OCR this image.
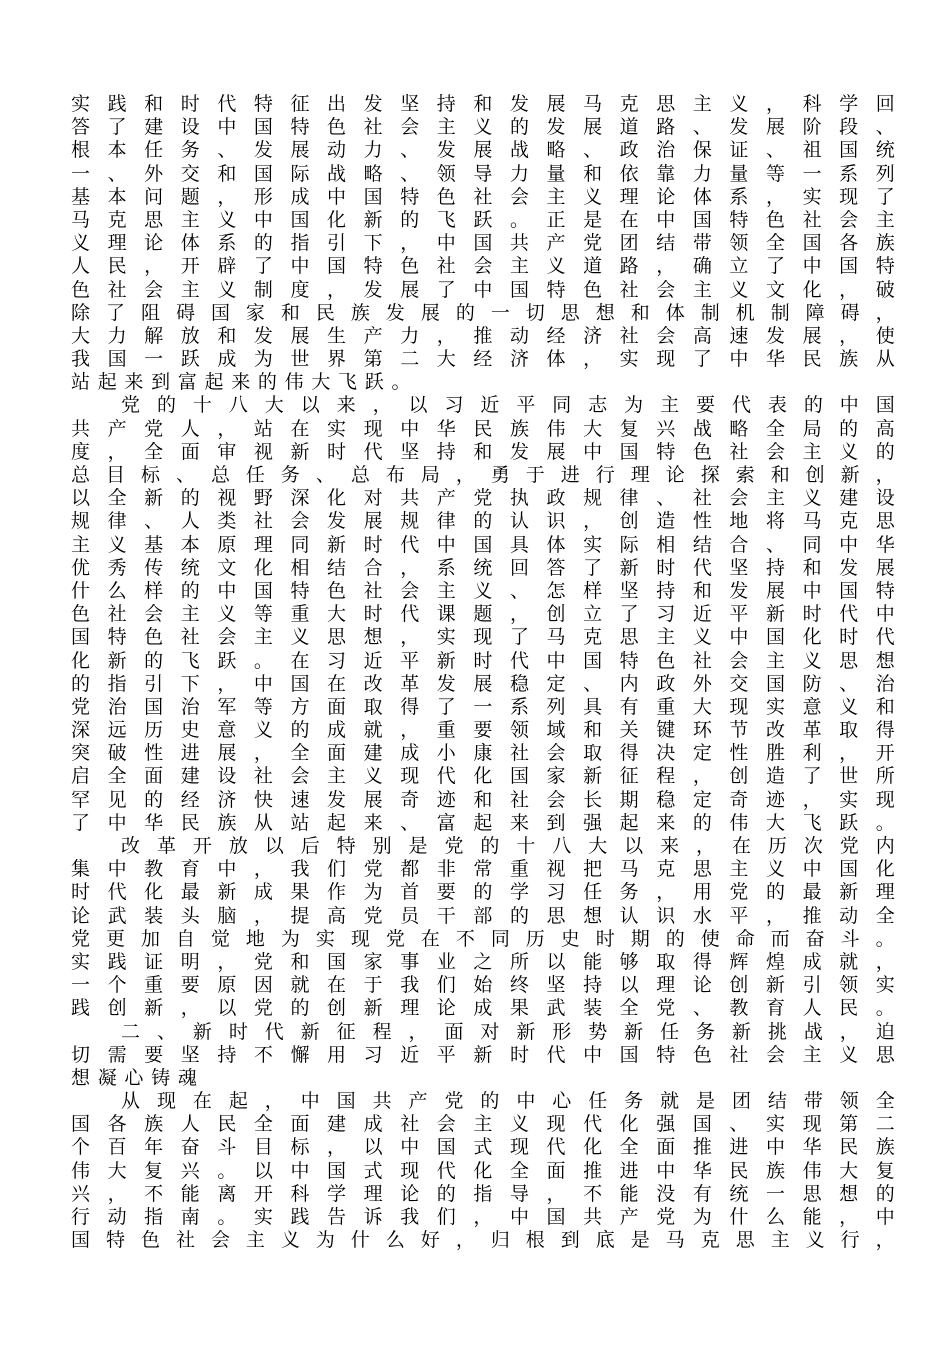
实 践 和 时 代 特 征 出 发 坚 持 和 发 展 马 克 思 主 义 ， 科 学 回
答 了 建 设 中 国 特 色 社 会 主 义 的 发 展 道 路 、 发 展 阶 段 、
根 本 任 务 、 发 展 动 力 、 发 展 战 略 、 政 治 保 证 、 祖 国 统
一 、 外 交 和 国 际 战 略 、 领 导 力 量 和 依 靠 力 量 等 一 系 列
基 本 问 题 ， 形 成 中 国 特 色 社 会 主 义 理 论 体 系 ， 实 现 了
马 克 思 主 义 中 国 化 新 的 飞 跃 。 正 是 在 中 国 特 色 社 会 主
义 理 论 体 系 的 指 引 下 ， 中 国 共 产 党 团 结 带 领 全 国 各 族
人 民 ， 开 辟 了 中 国 特 色 社 会 主 义 道 路 ， 确 立 了 中 国 特
色 社 会 主 义 制 度 ， 发 展 了 中 国 特 色 社 会 主 义 文 化 ， 破
除 了 阻 碍 国 家 和 民 族 发 展 的 一 切 思 想 和 体 制 机 制 障 碍 ，
大 力 解 放 和 发 展 生 产 力 ， 推 动 经 济 社 会 高 速 发 展 ， 使
我 国 一 跃 成 为 世 界 第 二 大 经 济 体 ， 实 现 了 中 华 民 族 从
站 起 来 到 富 起 来 的 伟 大 飞 跃 。
党 的 十 八 大 以 来 ， 以 习 近 平 同 志 为 主 要 代 表 的 中 国
共 产 党 人 ， 站 在 实 现 中 华 民 族 伟 大 复 兴 战 略 全 局 的 高
度 ， 全 面 审 视 新 时 代 坚 持 和 发 展 中 国 特 色 社 会 主 义 的
总 目 标 、 总 任 务 、 总 布 局 ， 勇 于 进 行 理 论 探 索 和 创 新 ，
以 全 新 的 视 野 深 化 对 共 产 党 执 政 规 律 、 社 会 主 义 建 设
规 律 、 人 类 社 会 发 展 规 律 的 认 识 ， 创 造 性 地 将 马 克 思
主 义 基 本 原 理 同 新 时 代 中 国 具 体 实 际 相 结 合 、 同 中 华
优 秀 传 统 文 化 相 结 合 ， 系 统 回 答 了 新 时 代 坚 持 和 发 展
什 么 样 的 中 国 特 色 社 会 主 义 、 怎 样 坚 持 和 发 展 中 国 特
色 社 会 主 义 等 重 大 时 代 课 题 ， 创 立 了 习 近 平 新 时 代 中
国 特 色 社 会 主 义 思 想 ， 实 现 了 马 克 思 主 义 中 国 化 时 代
化 新 的 飞 跃 。 在 习 近 平 新 时 代 中 国 特 色 社 会 主 义 思 想
的 指 引 下 ， 中 国 在 改 革 发 展 稳 定 、 内 政 外 交 国 防 、 治
党 治 国 治 军 等 方 面 取 得 了 一 系 列 具 有 重 大 现 实 意 义 和
深 远 历 史 意 义 的 成 就 ， 重 要 领 域 和 关 键 环 节 改 革 取 得
突 破 性 进 展 ， 全 面 建 成 小 康 社 会 取 得 决 定 性 胜 利 ， 开
启 全 面 建 设 社 会 主 义 现 代 化 国 家 新 征 程 ， 创 造 了 世 所
罕 见 的 经 济 快 速 发 展 奇 迹 和 社 会 长 期 稳 定 奇 迹 ， 实 现
了 中 华 民 族 从 站 起 来 、 富 起 来 到 强 起 来 的 伟 大 飞 跃 。
改 革 开 放 以 后 特 别 是 党 的 十 八 大 以 来 ， 在 历 次 党 内
集 中 教 育 中 ， 我 们 党 都 非 常 重 视 把 马 克 思 主 义 中 国 化
时 代 化 最 新 成 果 作 为 首 要 的 学 习 任 务 ， 用 党 的 最 新 理
论 武 装 头 脑 ， 提 高 党 员 干 部 的 思 想 认 识 水 平 ， 推 动 全
党 更 加 自 觉 地 为 实 现 党 在 不 同 历 史 时 期 的 使 命 而 奋 斗 。
实 践 证 明 ， 党 和 国 家 事 业 之 所 以 能 够 取 得 辉 煌 成 就 ，
一 个 重 要 原 因 就 在 于 我 们 始 终 坚 持 以 理 论 创 新 引 领 实
践 创 新 ， 以 党 的 创 新 理 论 成 果 武 装 全 党 、 教 育 人 民 。
二 、 新 时 代 新 征 程 ， 面 对 新 形 势 新 任 务 新 挑 战 ， 迫
切 需 要 坚 持 不 懈 用 习 近 平 新 时 代 中 国 特 色 社 会 主 义 思
想 凝 心 铸 魂
从 现 在 起 ， 中 国 共 产 党 的 中 心 任 务 就 是 团 结 带 领 全
国 各 族 人 民 全 面 建 成 社 会 主 义 现 代 化 强 国 、 实 现 第 二
个 百 年 奋 斗 目 标 ， 以 中 国 式 现 代 化 全 面 推 进 中 华 民 族
伟 大 复 兴 。 以 中 国 式 现 代 化 全 面 推 进 中 华 民 族 伟 大 复
兴 ， 不 能 离 开 科 学 理 论 的 指 导 ， 不 能 没 有 统 一 思 想 的
行 动 指 南 。 实 践 告 诉 我 们 ， 中 国 共 产 党 为 什 么 能 ， 中
国 特 色 社 会 主 义 为 什 么 好 ， 归 根 到 底 是 马 克 思 主 义 行 ，
